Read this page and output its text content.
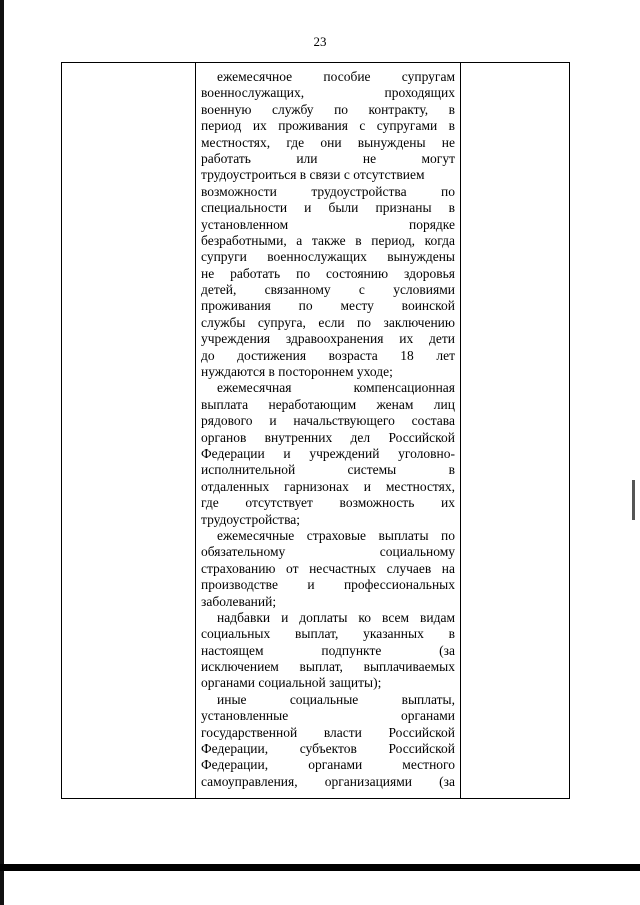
23
ежемесячное пособие супругам
военнослужащих, проходящих
военную службу по контракту, в
период их проживания с супругами в
местностях, где они вынуждены не
работать или не могут
трудоустроиться в связи с отсутствием
возможности трудоустройства по
специальности и были признаны в
установленном порядке
безработными, а также в период, когда
супруги военнослужащих вынуждены
не работать по состоянию здоровья
детей, связанному с условиями
проживания по месту воинской
службы супруга, если по заключению
учреждения здравоохранения их дети
до достижения возраста 18 лет
нуждаются в постороннем уходе;
ежемесячная компенсационная
выплата неработающим женам лиц
рядового и начальствующего состава
органов внутренних дел Российской
Федерации и учреждений уголовно-
исполнительной системы в
отдаленных гарнизонах и местностях,
где отсутствует возможность их
трудоустройства;
ежемесячные страховые выплаты по
обязательному социальному
страхованию от несчастных случаев на
производстве и профессиональных
заболеваний;
надбавки и доплаты ко всем видам
социальных выплат, указанных в
настоящем подпункте (за
исключением выплат, выплачиваемых
органами социальной защиты);
иные социальные выплаты,
установленные органами
государственной власти Российской
Федерации, субъектов Российской
Федерации, органами местного
самоуправления, организациями (за
